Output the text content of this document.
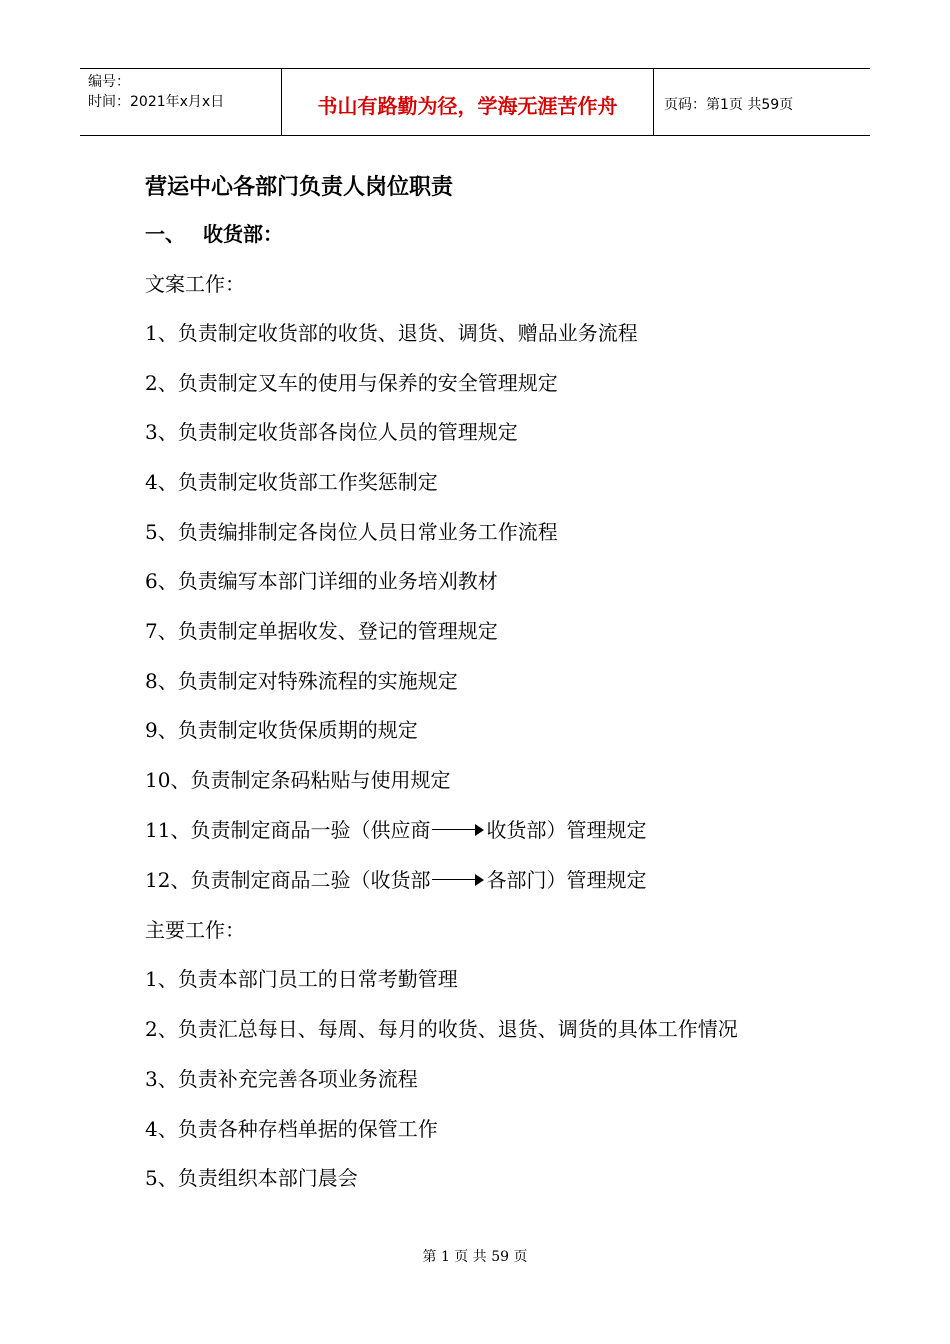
编号：
时间：2021年x月x日	书山有路勤为径，学海无涯苦作舟	页码：第1页 共59页
营运中心各部门负责人岗位职责
一、 收货部：
文案工作：
1、负责制定收货部的收货、退货、调货、赠品业务流程
2、负责制定叉车的使用与保养的安全管理规定
3、负责制定收货部各岗位人员的管理规定
4、负责制定收货部工作奖惩制定
5、负责编排制定各岗位人员日常业务工作流程
6、负责编写本部门详细的业务培刈教材
7、负责制定单据收发、登记的管理规定
8、负责制定对特殊流程的实施规定
9、负责制定收货保质期的规定
10、负责制定条码粘贴与使用规定
11、负责制定商品一验（供应商	收货部）管理规定
12、负责制定商品二验（收货部	各部门）管理规定
主要工作：
1、负责本部门员工的日常考勤管理
2、负责汇总每日、每周、每月的收货、退货、调货的具体工作情况
3、负责补充完善各项业务流程
4、负责各种存档单据的保管工作
5、负责组织本部门晨会
第 1 页 共 59 页
